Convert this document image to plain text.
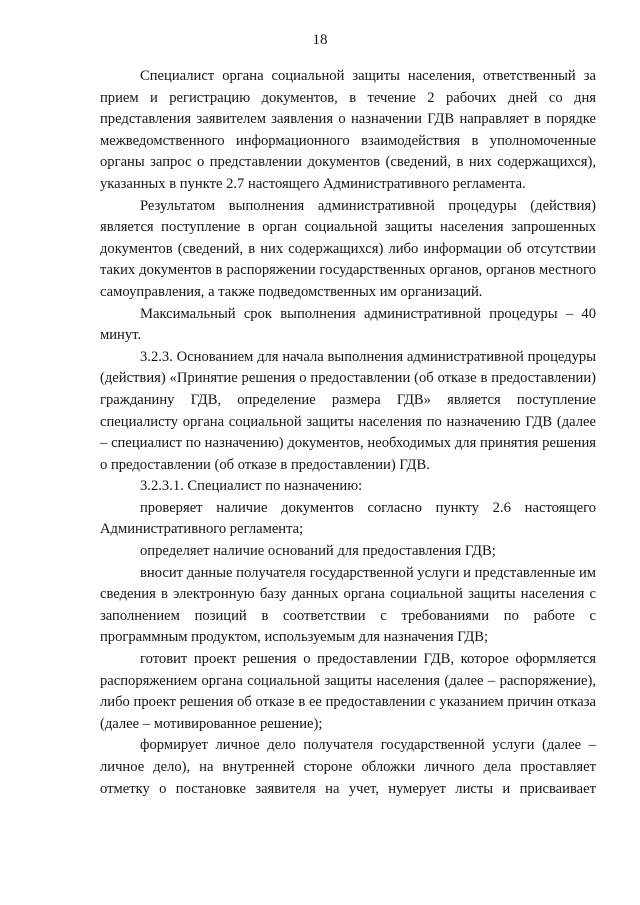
18

Специалист органа социальной защиты населения, ответственный за прием и регистрацию документов, в течение 2 рабочих дней со дня представления заявителем заявления о назначении ГДВ направляет в порядке межведомственного информационного взаимодействия в уполномоченные органы запрос о представлении документов (сведений, в них содержащихся), указанных в пункте 2.7 настоящего Административного регламента.

Результатом выполнения административной процедуры (действия) является поступление в орган социальной защиты населения запрошенных документов (сведений, в них содержащихся) либо информации об отсутствии таких документов в распоряжении государственных органов, органов местного самоуправления, а также подведомственных им организаций.

Максимальный срок выполнения административной процедуры – 40 минут.

3.2.3. Основанием для начала выполнения административной процедуры (действия) «Принятие решения о предоставлении (об отказе в предоставлении) гражданину ГДВ, определение размера ГДВ» является поступление специалисту органа социальной защиты населения по назначению ГДВ (далее – специалист по назначению) документов, необходимых для принятия решения о предоставлении (об отказе в предоставлении) ГДВ.

3.2.3.1. Специалист по назначению:

проверяет наличие документов согласно пункту 2.6 настоящего Административного регламента;

определяет наличие оснований для предоставления ГДВ;

вносит данные получателя государственной услуги и представленные им сведения в электронную базу данных органа социальной защиты населения с заполнением позиций в соответствии с требованиями по работе с программным продуктом, используемым для назначения ГДВ;

готовит проект решения о предоставлении ГДВ, которое оформляется распоряжением органа социальной защиты населения (далее – распоряжение), либо проект решения об отказе в ее предоставлении с указанием причин отказа (далее – мотивированное решение);

формирует личное дело получателя государственной услуги (далее – личное дело), на внутренней стороне обложки личного дела проставляет отметку о постановке заявителя на учет, нумерует листы и присваивает
